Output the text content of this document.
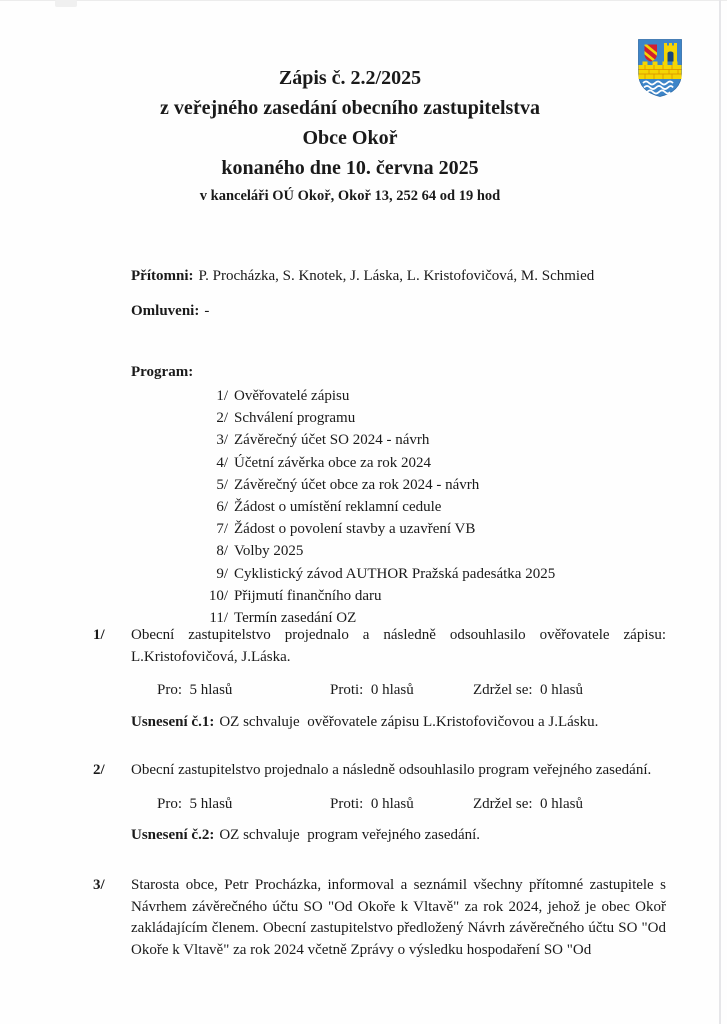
Zápis č. 2.2/2025
z veřejného zasedání obecního zastupitelstva
Obce Okoř
konaného dne 10. června 2025
v kanceláři OÚ Okoř, Okoř 13, 252 64 od 19 hod

Přítomni: P. Procházka, S. Knotek, J. Láska, L. Kristofovičová, M. Schmied

Omluveni: -

Program:
1/ Ověřovatelé zápisu
2/ Schválení programu
3/ Závěrečný účet SO 2024 - návrh
4/ Účetní závěrka obce za rok 2024
5/ Závěrečný účet obce za rok 2024 - návrh
6/ Žádost o umístění reklamní cedule
7/ Žádost o povolení stavby a uzavření VB
8/ Volby 2025
9/ Cyklistický závod AUTHOR Pražská padesátka 2025
10/ Přijmutí finančního daru
11/ Termín zasedání OZ
1/	Obecní zastupitelstvo projednalo a následně odsouhlasilo ověřovatele zápisu: L.Kristofovičová, J.Láska.

Pro:  5 hlasů	Proti:  0 hlasů	Zdržel se:  0 hlasů
Usnesení č.1: OZ schvaluje  ověřovatele zápisu L.Kristofovičovou a J.Lásku.
2/	Obecní zastupitelstvo projednalo a následně odsouhlasilo program veřejného zasedání.

Pro:  5 hlasů	Proti:  0 hlasů	Zdržel se:  0 hlasů
Usnesení č.2: OZ schvaluje  program veřejného zasedání.
3/	Starosta obce, Petr Procházka, informoval a seznámil všechny přítomné zastupitele s Návrhem závěrečného účtu SO "Od Okoře k Vltavě" za rok 2024, jehož je obec Okoř zakládajícím členem. Obecní zastupitelstvo předložený Návrh závěrečného účtu SO "Od Okoře k Vltavě" za rok 2024 včetně Zprávy o výsledku hospodaření SO "Od
